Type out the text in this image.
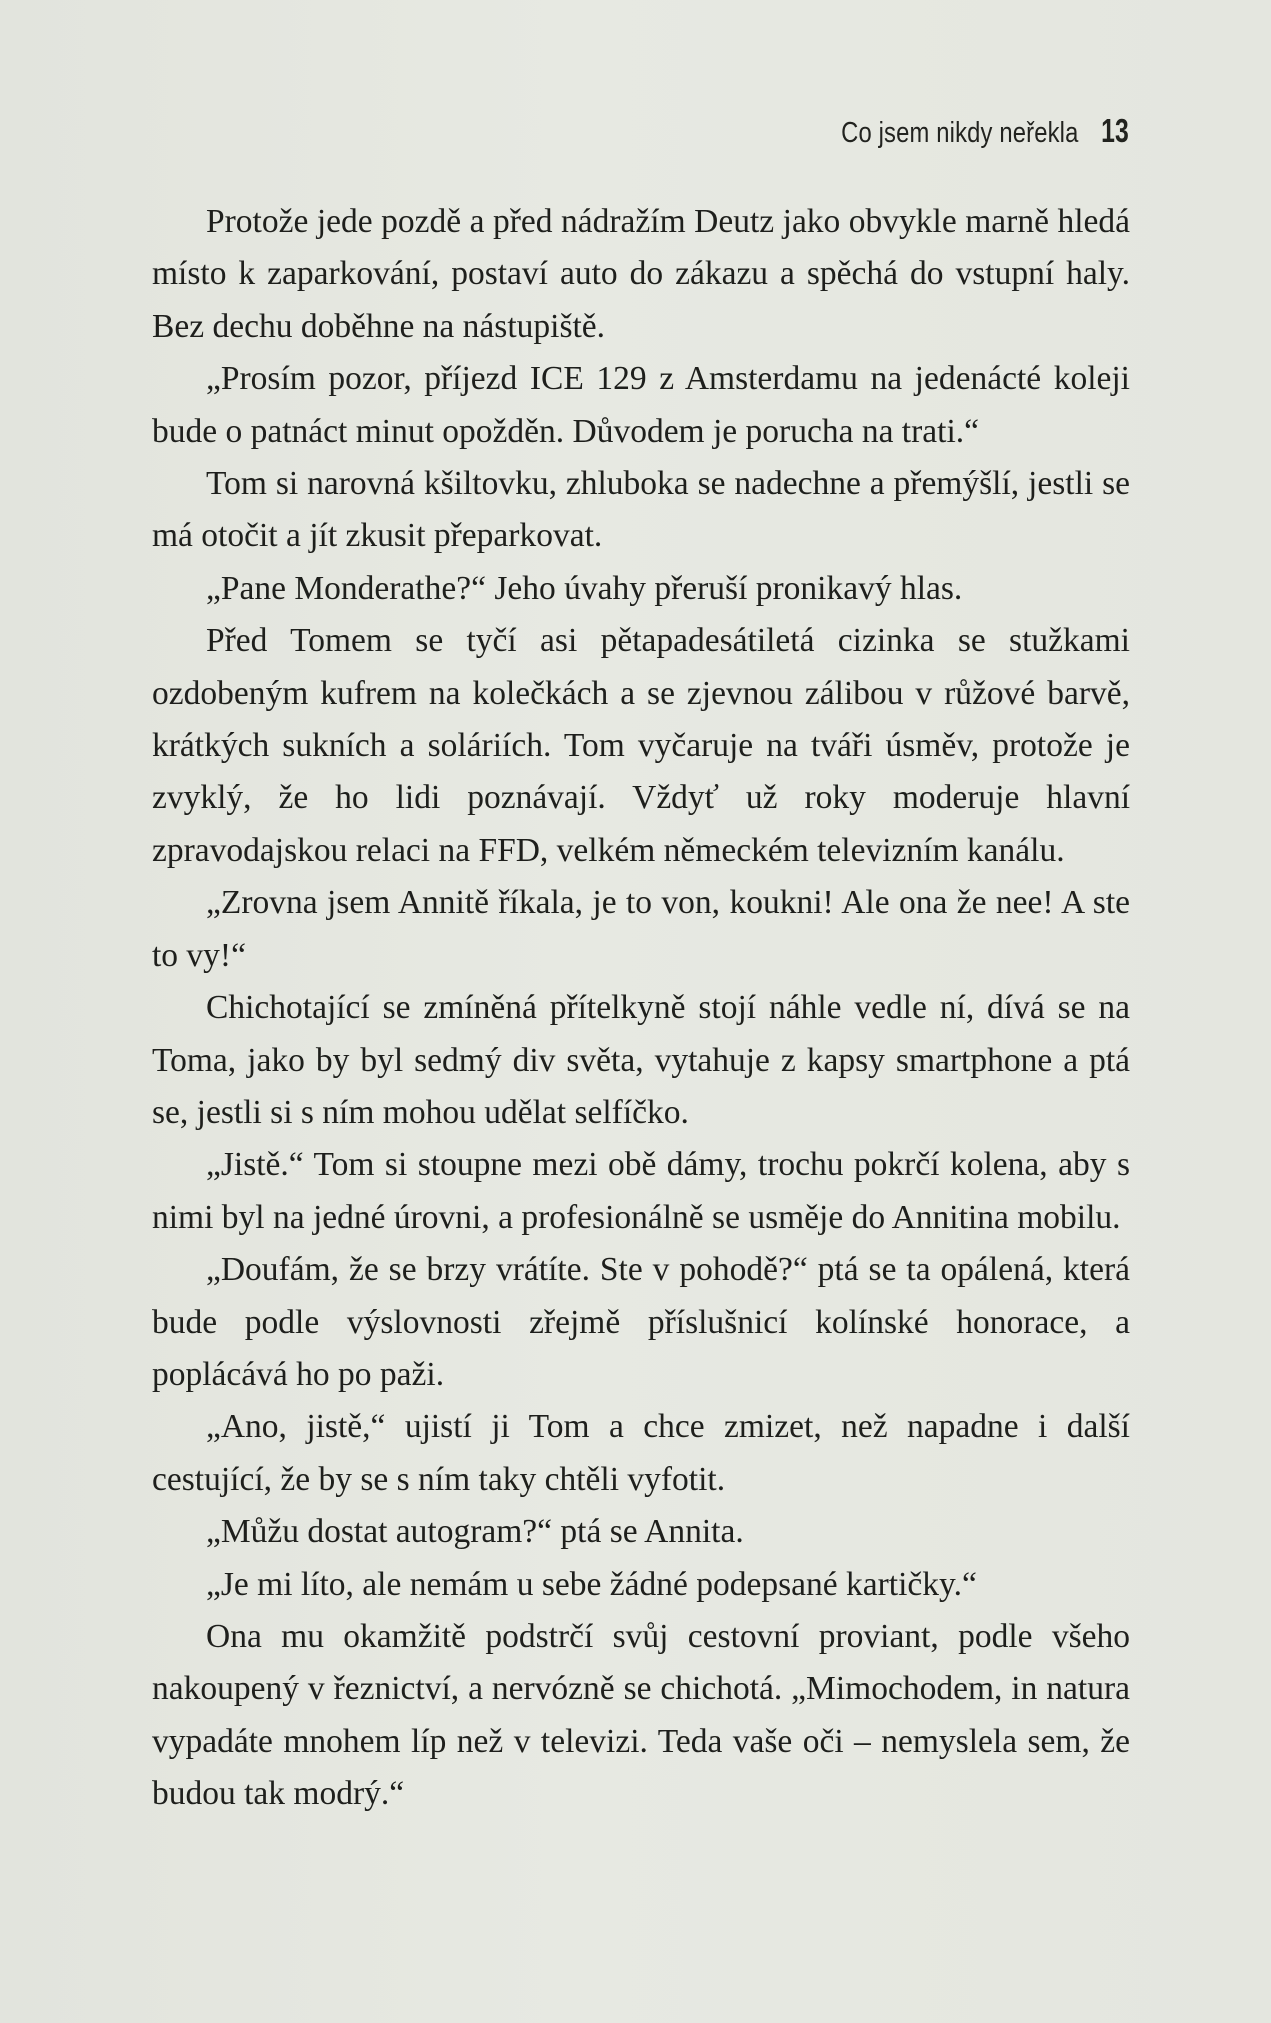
Co jsem nikdy neřekla 13

Protože jede pozdě a před nádražím Deutz jako obvykle marně hledá místo k zaparkování, postaví auto do zákazu a spěchá do vstupní haly. Bez dechu doběhne na nástupiště.

„Prosím pozor, příjezd ICE 129 z Amsterdamu na jedenácté koleji bude o patnáct minut opožděn. Důvodem je porucha na trati.“

Tom si narovná kšiltovku, zhluboka se nadechne a přemýšlí, jestli se má otočit a jít zkusit přeparkovat.

„Pane Monderathe?“ Jeho úvahy přeruší pronikavý hlas.

Před Tomem se tyčí asi pětapadesátiletá cizinka se stužkami ozdobeným kufrem na kolečkách a se zjevnou zálibou v růžové barvě, krátkých sukních a soláriích. Tom vyčaruje na tváři úsměv, protože je zvyklý, že ho lidi poznávají. Vždyť už roky moderuje hlavní zpravodajskou relaci na FFD, velkém německém televizním kanálu.

„Zrovna jsem Annitě říkala, je to von, koukni! Ale ona že nee! A ste to vy!“

Chichotající se zmíněná přítelkyně stojí náhle vedle ní, dívá se na Toma, jako by byl sedmý div světa, vytahuje z kapsy smartphone a ptá se, jestli si s ním mohou udělat selfíčko.

„Jistě.“ Tom si stoupne mezi obě dámy, trochu pokrčí kolena, aby s nimi byl na jedné úrovni, a profesionálně se usměje do Annitina mobilu.

„Doufám, že se brzy vrátíte. Ste v pohodě?“ ptá se ta opálená, která bude podle výslovnosti zřejmě příslušnicí kolínské honorace, a poplácává ho po paži.

„Ano, jistě,“ ujistí ji Tom a chce zmizet, než napadne i další cestující, že by se s ním taky chtěli vyfotit.

„Můžu dostat autogram?“ ptá se Annita.

„Je mi líto, ale nemám u sebe žádné podepsané kartičky.“

Ona mu okamžitě podstrčí svůj cestovní proviant, podle všeho nakoupený v řeznictví, a nervózně se chichotá. „Mimochodem, in natura vypadáte mnohem líp než v televizi. Teda vaše oči – nemyslela sem, že budou tak modrý.“
